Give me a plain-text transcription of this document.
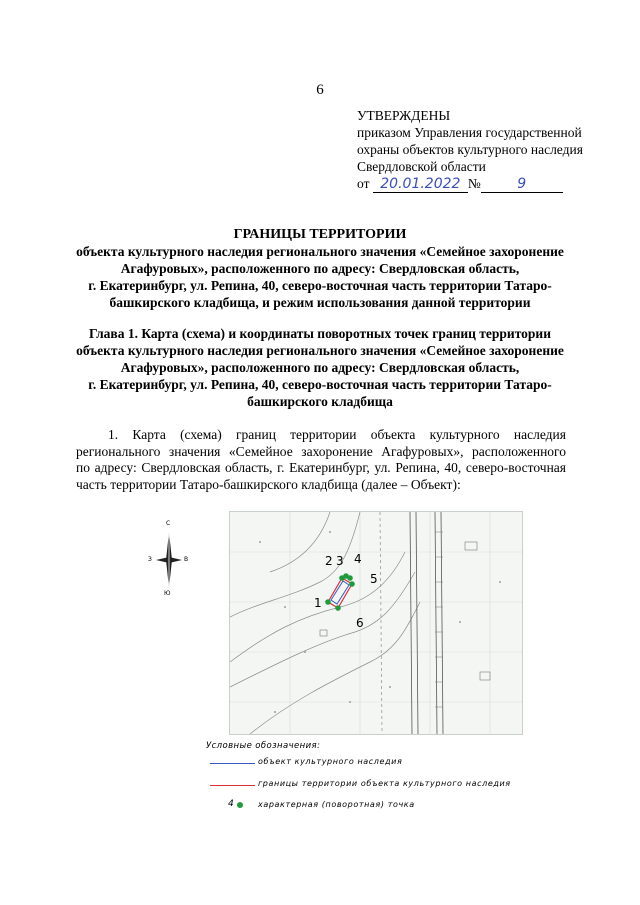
6
УТВЕРЖДЕНЫ
приказом Управления государственной
охраны объектов культурного наследия
Свердловской области
от 20.01.2022 №	9
ГРАНИЦЫ ТЕРРИТОРИИ
объекта культурного наследия регионального значения «Семейное захоронение
Агафуровых», расположенного по адресу: Свердловская область,
г. Екатеринбург, ул. Репина, 40, северо-восточная часть территории Татаро-
башкирского кладбища, и режим использования данной территории
Глава 1. Карта (схема) и координаты поворотных точек границ территории
объекта культурного наследия регионального значения «Семейное захоронение
Агафуровых», расположенного по адресу: Свердловская область,
г. Екатеринбург, ул. Репина, 40, северо-восточная часть территории Татаро-
башкирского кладбища
1. Карта (схема) границ территории объекта культурного наследия
регионального значения «Семейное захоронение Агафуровых», расположенного
по адресу: Свердловская область, г. Екатеринбург, ул. Репина, 40, северо-восточная
часть территории Татаро-башкирского кладбища (далее – Объект):
С
Ю
З	В
1
2 3 4
5
6
Условные обозначения:
объект культурного наследия
границы территории объекта культурного наследия
4	характерная (поворотная) точка
